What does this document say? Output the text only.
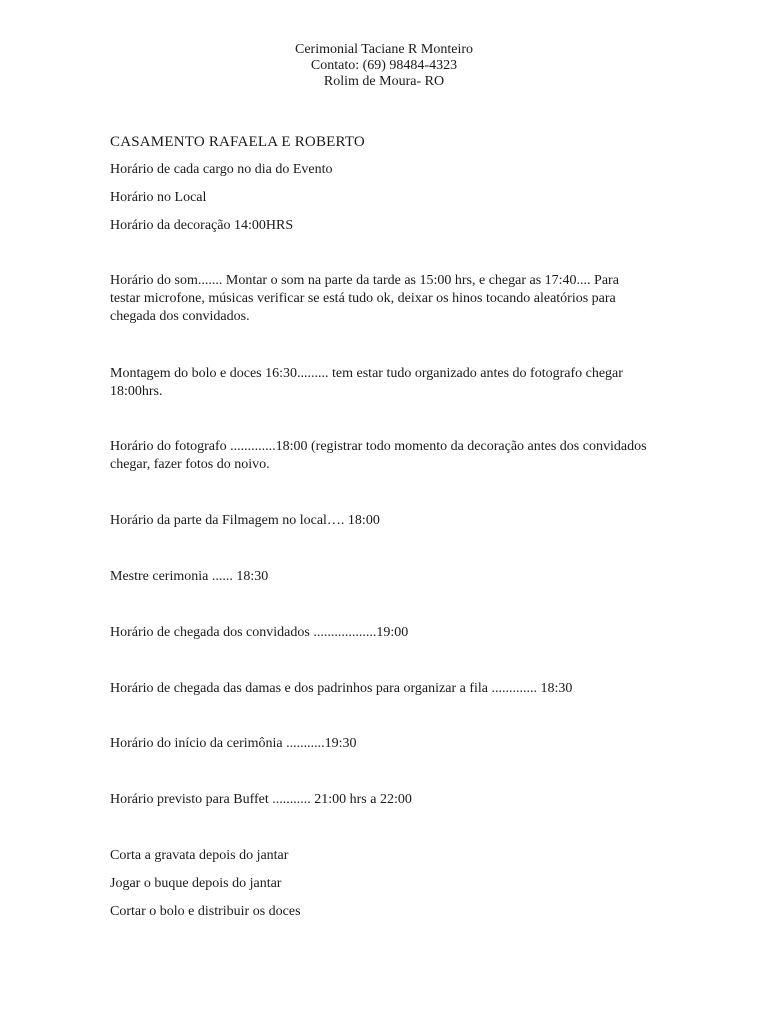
Cerimonial Taciane R Monteiro
Contato: (69) 98484-4323
Rolim de Moura- RO
CASAMENTO RAFAELA E ROBERTO
Horário de cada cargo no dia do Evento
Horário no Local
Horário da decoração 14:00HRS
Horário do som....... Montar o som na parte da tarde as 15:00 hrs, e chegar as 17:40.... Para testar microfone, músicas verificar se está tudo ok, deixar os hinos tocando aleatórios para chegada dos convidados.
Montagem do bolo e doces 16:30......... tem estar tudo organizado antes do fotografo chegar 18:00hrs.
Horário do fotografo .............18:00 (registrar todo momento da decoração antes dos convidados chegar, fazer fotos do noivo.
Horário da parte da Filmagem no local…. 18:00
Mestre cerimonia ...... 18:30
Horário de chegada dos convidados ..................19:00
Horário de chegada das damas e dos padrinhos para organizar a fila ............. 18:30
Horário do início da cerimônia ...........19:30
Horário previsto para Buffet ........... 21:00 hrs a 22:00
Corta a gravata depois do jantar
Jogar o buque depois do jantar
Cortar o bolo e distribuir os doces
